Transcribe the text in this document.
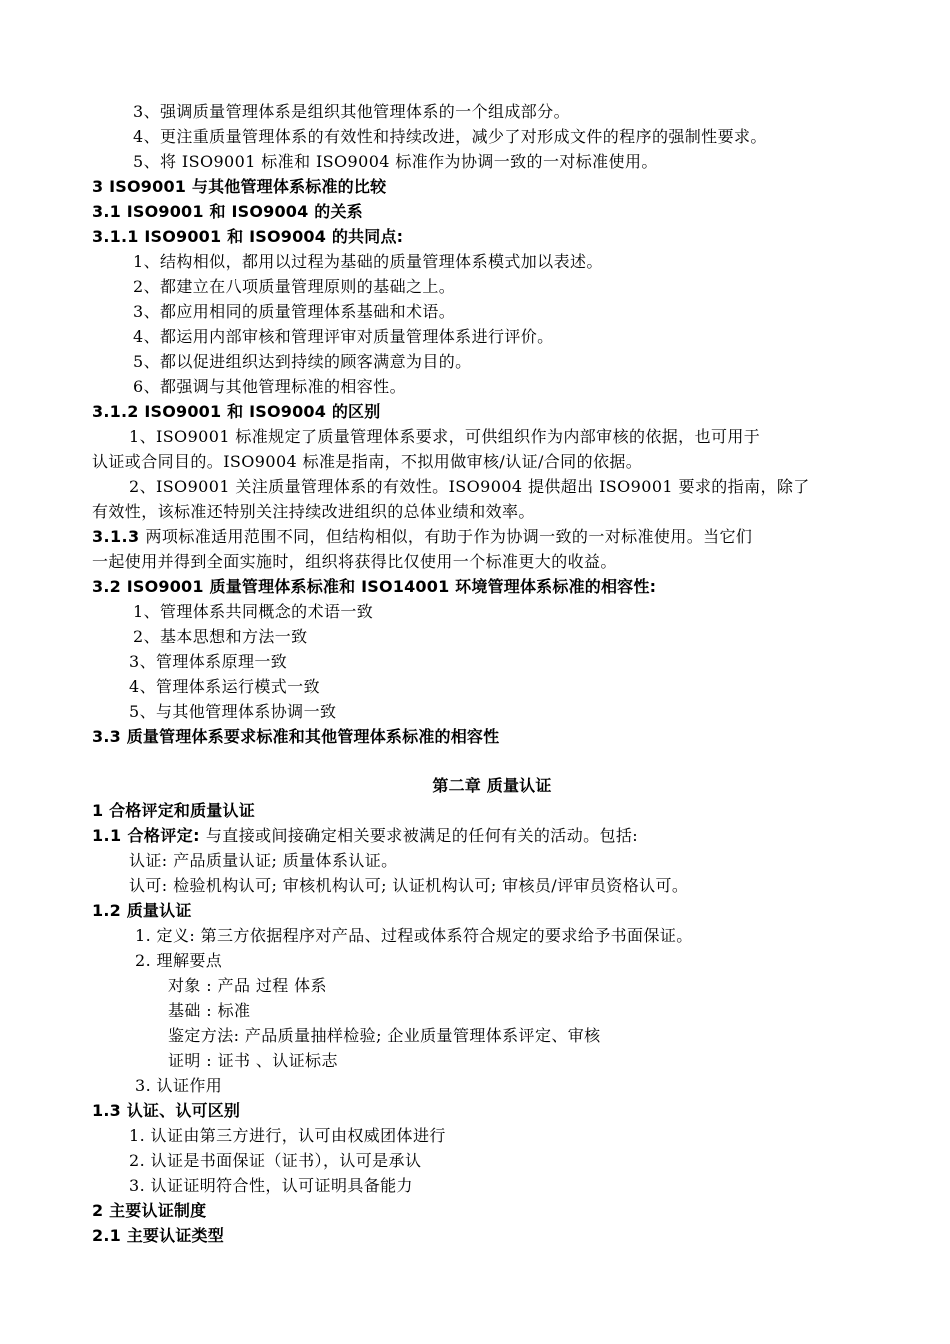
3、强调质量管理体系是组织其他管理体系的一个组成部分。
4、更注重质量管理体系的有效性和持续改进，减少了对形成文件的程序的强制性要求。
5、将 ISO9001 标准和 ISO9004 标准作为协调一致的一对标准使用。
3 ISO9001 与其他管理体系标准的比较
3.1 ISO9001 和 ISO9004 的关系
3.1.1 ISO9001 和 ISO9004 的共同点:
1、结构相似，都用以过程为基础的质量管理体系模式加以表述。
2、都建立在八项质量管理原则的基础之上。
3、都应用相同的质量管理体系基础和术语。
4、都运用内部审核和管理评审对质量管理体系进行评价。
5、都以促进组织达到持续的顾客满意为目的。
6、都强调与其他管理标准的相容性。
3.1.2 ISO9001 和 ISO9004 的区别
1、ISO9001 标准规定了质量管理体系要求，可供组织作为内部审核的依据，也可用于
认证或合同目的。ISO9004 标准是指南，不拟用做审核/认证/合同的依据。
2、ISO9001 关注质量管理体系的有效性。ISO9004 提供超出 ISO9001 要求的指南，除了
有效性，该标准还特别关注持续改进组织的总体业绩和效率。
3.1.3 两项标准适用范围不同，但结构相似，有助于作为协调一致的一对标准使用。当它们
一起使用并得到全面实施时，组织将获得比仅使用一个标准更大的收益。
3.2 ISO9001 质量管理体系标准和 ISO14001 环境管理体系标准的相容性:
1、管理体系共同概念的术语一致
2、基本思想和方法一致
3、管理体系原理一致
4、管理体系运行模式一致
5、与其他管理体系协调一致
3.3 质量管理体系要求标准和其他管理体系标准的相容性
第二章 质量认证
1 合格评定和质量认证
1.1 合格评定: 与直接或间接确定相关要求被满足的任何有关的活动。包括:
认证: 产品质量认证; 质量体系认证。
认可: 检验机构认可; 审核机构认可; 认证机构认可; 审核员/评审员资格认可。
1.2 质量认证
1. 定义: 第三方依据程序对产品、过程或体系符合规定的要求给予书面保证。
2. 理解要点
对象 : 产品 过程 体系
基础 : 标准
鉴定方法: 产品质量抽样检验; 企业质量管理体系评定、审核
证明 : 证书 、认证标志
3. 认证作用
1.3 认证、认可区别
1. 认证由第三方进行，认可由权威团体进行
2. 认证是书面保证（证书），认可是承认
3. 认证证明符合性，认可证明具备能力
2 主要认证制度
2.1 主要认证类型
